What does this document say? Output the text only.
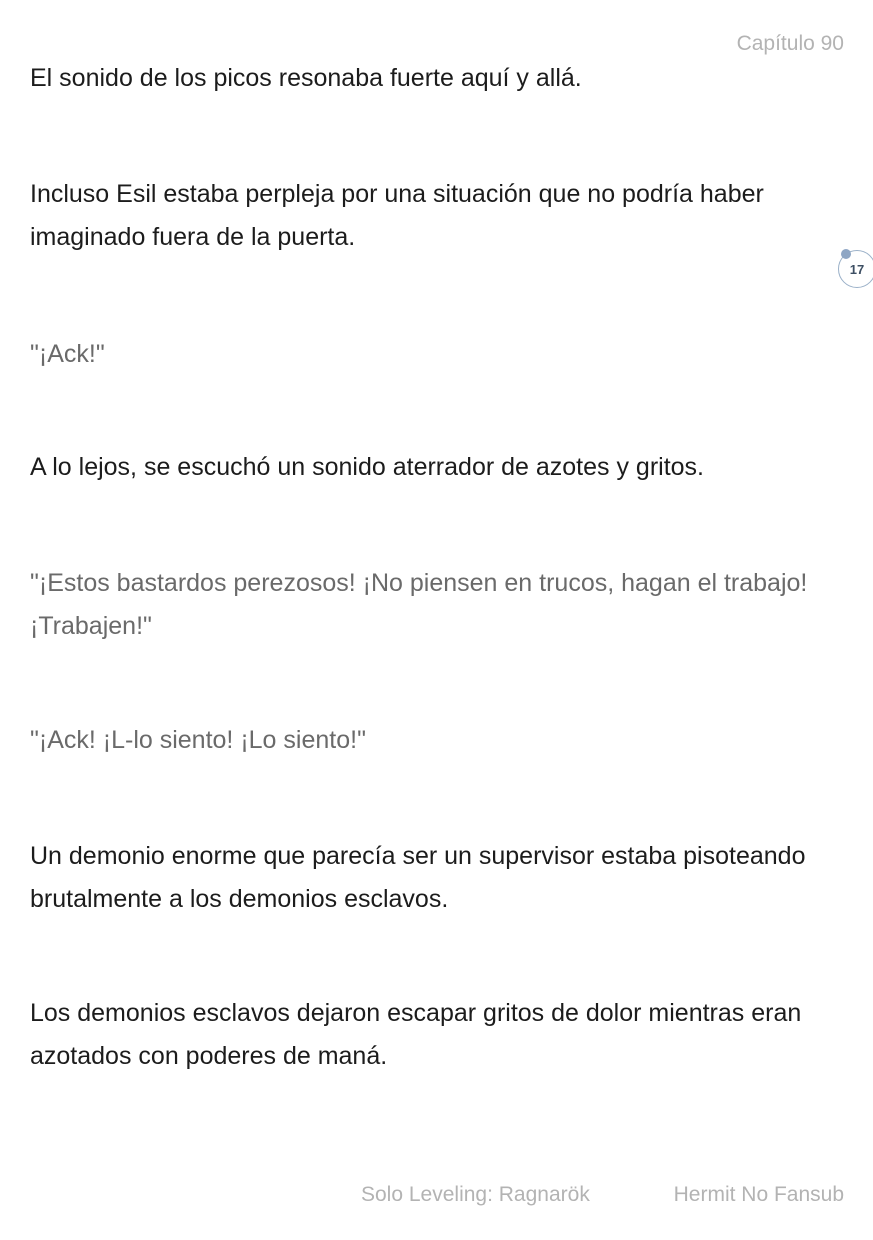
Capítulo 90

El sonido de los picos resonaba fuerte aquí y allá.

Incluso Esil estaba perpleja por una situación que no podría haber imaginado fuera de la puerta.

"¡Ack!"

A lo lejos, se escuchó un sonido aterrador de azotes y gritos.

"¡Estos bastardos perezosos! ¡No piensen en trucos, hagan el trabajo! ¡Trabajen!"

"¡Ack! ¡L-lo siento! ¡Lo siento!"

Un demonio enorme que parecía ser un supervisor estaba pisoteando brutalmente a los demonios esclavos.

Los demonios esclavos dejaron escapar gritos de dolor mientras eran azotados con poderes de maná.

17
Solo Leveling: Ragnarök	Hermit No Fansub
